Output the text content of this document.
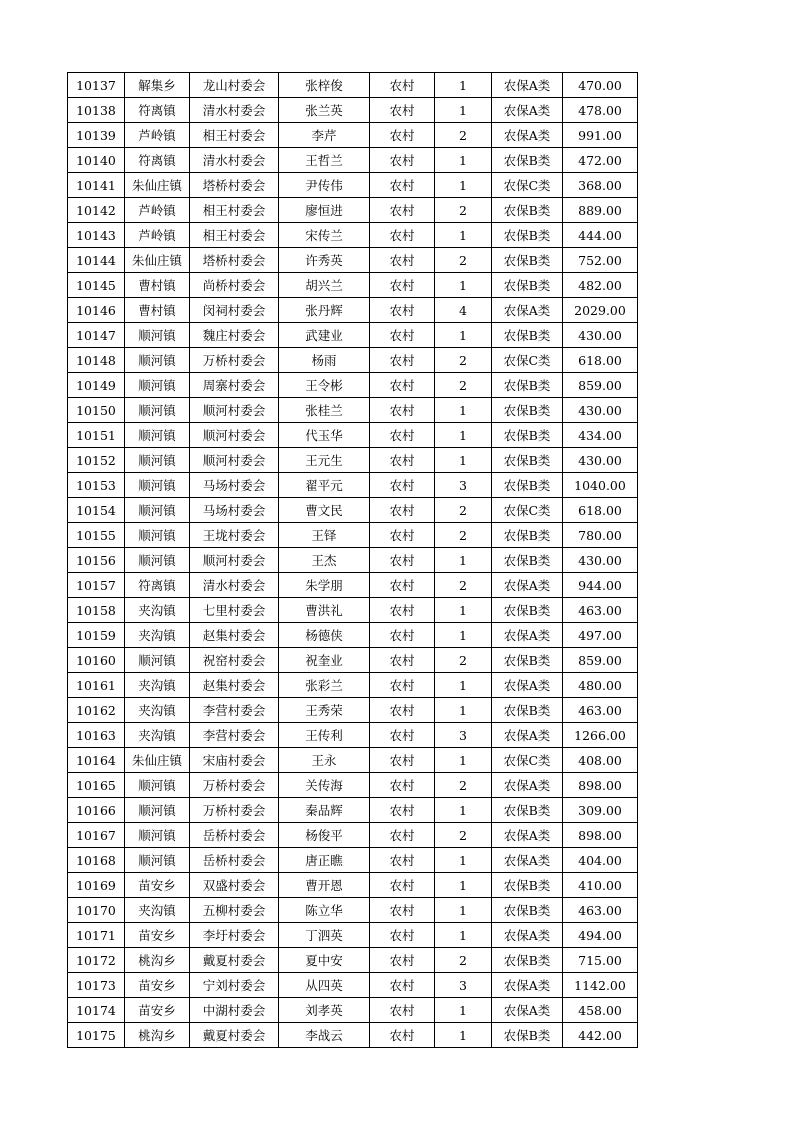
10137	解集乡	龙山村委会	张梓俊	农村	1	农保A类	470.00
10138	符离镇	清水村委会	张兰英	农村	1	农保A类	478.00
10139	芦岭镇	相王村委会	李芹	农村	2	农保A类	991.00
10140	符离镇	清水村委会	王哲兰	农村	1	农保B类	472.00
10141	朱仙庄镇	塔桥村委会	尹传伟	农村	1	农保C类	368.00
10142	芦岭镇	相王村委会	廖恒进	农村	2	农保B类	889.00
10143	芦岭镇	相王村委会	宋传兰	农村	1	农保B类	444.00
10144	朱仙庄镇	塔桥村委会	许秀英	农村	2	农保B类	752.00
10145	曹村镇	尚桥村委会	胡兴兰	农村	1	农保B类	482.00
10146	曹村镇	闵祠村委会	张丹辉	农村	4	农保A类	2029.00
10147	顺河镇	魏庄村委会	武建业	农村	1	农保B类	430.00
10148	顺河镇	万桥村委会	杨雨	农村	2	农保C类	618.00
10149	顺河镇	周寨村委会	王令彬	农村	2	农保B类	859.00
10150	顺河镇	顺河村委会	张桂兰	农村	1	农保B类	430.00
10151	顺河镇	顺河村委会	代玉华	农村	1	农保B类	434.00
10152	顺河镇	顺河村委会	王元生	农村	1	农保B类	430.00
10153	顺河镇	马场村委会	翟平元	农村	3	农保B类	1040.00
10154	顺河镇	马场村委会	曹文民	农村	2	农保C类	618.00
10155	顺河镇	王垅村委会	王铎	农村	2	农保B类	780.00
10156	顺河镇	顺河村委会	王杰	农村	1	农保B类	430.00
10157	符离镇	清水村委会	朱学朋	农村	2	农保A类	944.00
10158	夹沟镇	七里村委会	曹洪礼	农村	1	农保B类	463.00
10159	夹沟镇	赵集村委会	杨德侠	农村	1	农保A类	497.00
10160	顺河镇	祝窑村委会	祝奎业	农村	2	农保B类	859.00
10161	夹沟镇	赵集村委会	张彩兰	农村	1	农保A类	480.00
10162	夹沟镇	李营村委会	王秀荣	农村	1	农保B类	463.00
10163	夹沟镇	李营村委会	王传利	农村	3	农保A类	1266.00
10164	朱仙庄镇	宋庙村委会	王永	农村	1	农保C类	408.00
10165	顺河镇	万桥村委会	关传海	农村	2	农保A类	898.00
10166	顺河镇	万桥村委会	秦品辉	农村	1	农保B类	309.00
10167	顺河镇	岳桥村委会	杨俊平	农村	2	农保A类	898.00
10168	顺河镇	岳桥村委会	唐正瞧	农村	1	农保A类	404.00
10169	苗安乡	双盛村委会	曹开恩	农村	1	农保B类	410.00
10170	夹沟镇	五柳村委会	陈立华	农村	1	农保B类	463.00
10171	苗安乡	李圩村委会	丁泗英	农村	1	农保A类	494.00
10172	桃沟乡	戴夏村委会	夏中安	农村	2	农保B类	715.00
10173	苗安乡	宁刘村委会	从四英	农村	3	农保A类	1142.00
10174	苗安乡	中湖村委会	刘孝英	农村	1	农保A类	458.00
10175	桃沟乡	戴夏村委会	李战云	农村	1	农保B类	442.00
